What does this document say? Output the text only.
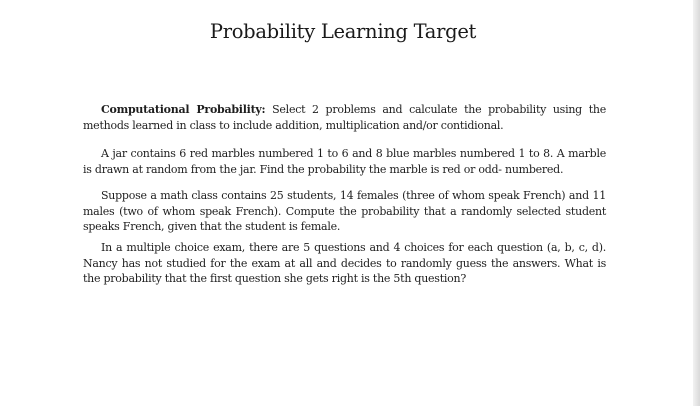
Probability Learning Target

Computational Probability: Select 2 problems and calculate the probability using the methods learned in class to include addition, multiplication and/or contidional.

A jar contains 6 red marbles numbered 1 to 6 and 8 blue marbles numbered 1 to 8. A marble is drawn at random from the jar. Find the probability the marble is red or odd- numbered.

Suppose a math class contains 25 students, 14 females (three of whom speak French) and 11 males (two of whom speak French). Compute the probability that a randomly selected student speaks French, given that the student is female.

In a multiple choice exam, there are 5 questions and 4 choices for each question (a, b, c, d). Nancy has not studied for the exam at all and decides to randomly guess the answers. What is the probability that the first question she gets right is the 5th question?
